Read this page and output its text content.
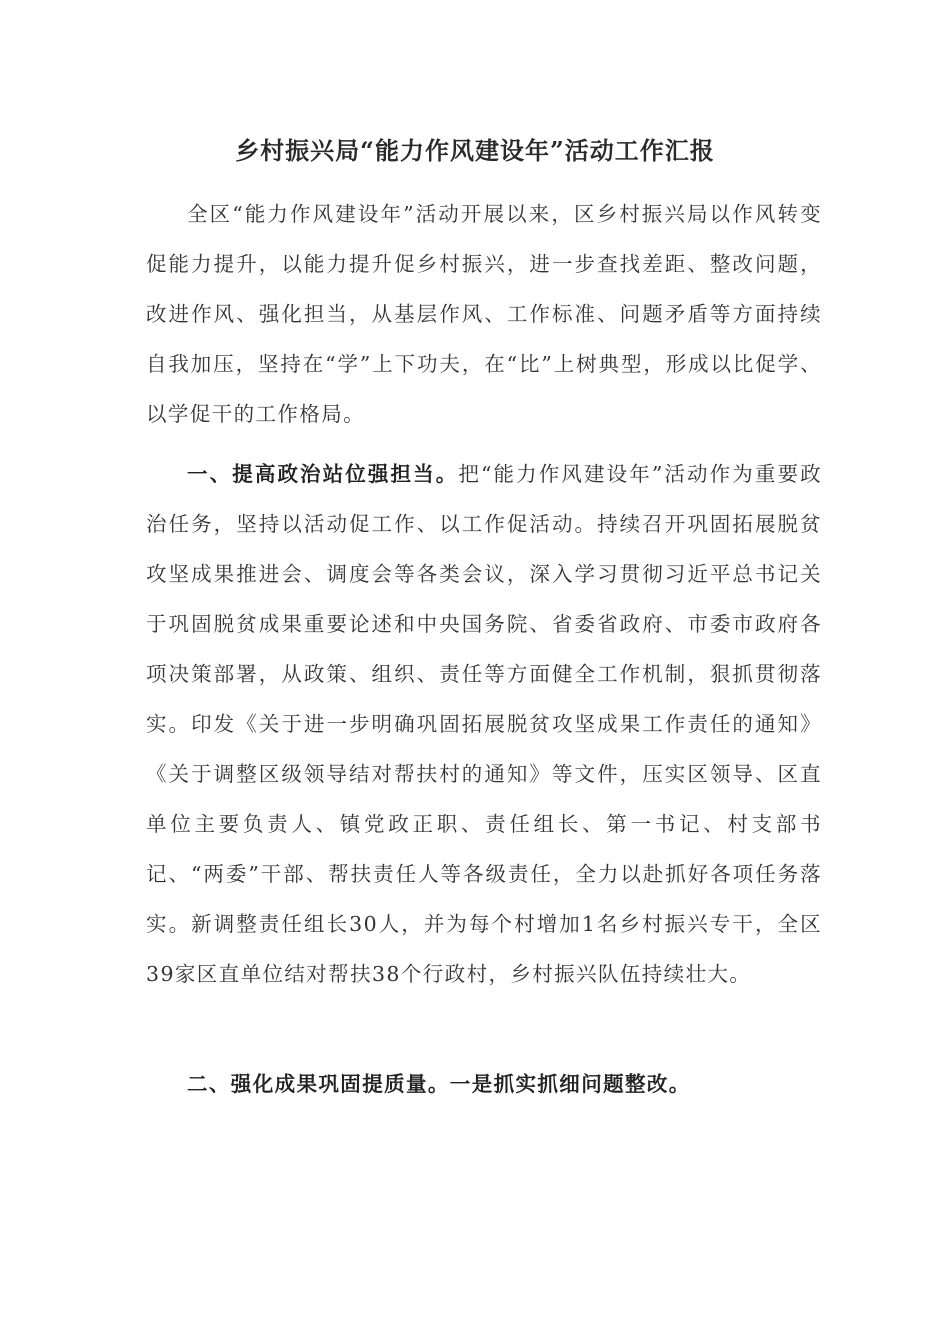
乡村振兴局“能力作风建设年”活动工作汇报

全区“能力作风建设年”活动开展以来，区乡村振兴局以作风转变促能力提升，以能力提升促乡村振兴，进一步查找差距、整改问题，改进作风、强化担当，从基层作风、工作标准、问题矛盾等方面持续自我加压，坚持在“学”上下功夫，在“比”上树典型，形成以比促学、以学促干的工作格局。

一、提高政治站位强担当。把“能力作风建设年”活动作为重要政治任务，坚持以活动促工作、以工作促活动。持续召开巩固拓展脱贫攻坚成果推进会、调度会等各类会议，深入学习贯彻习近平总书记关于巩固脱贫成果重要论述和中央国务院、省委省政府、市委市政府各项决策部署，从政策、组织、责任等方面健全工作机制，狠抓贯彻落实。印发《关于进一步明确巩固拓展脱贫攻坚成果工作责任的通知》《关于调整区级领导结对帮扶村的通知》等文件，压实区领导、区直单位主要负责人、镇党政正职、责任组长、第一书记、村支部书记、“两委”干部、帮扶责任人等各级责任，全力以赴抓好各项任务落实。新调整责任组长30人，并为每个村增加1名乡村振兴专干，全区39家区直单位结对帮扶38个行政村，乡村振兴队伍持续壮大。

二、强化成果巩固提质量。一是抓实抓细问题整改。
